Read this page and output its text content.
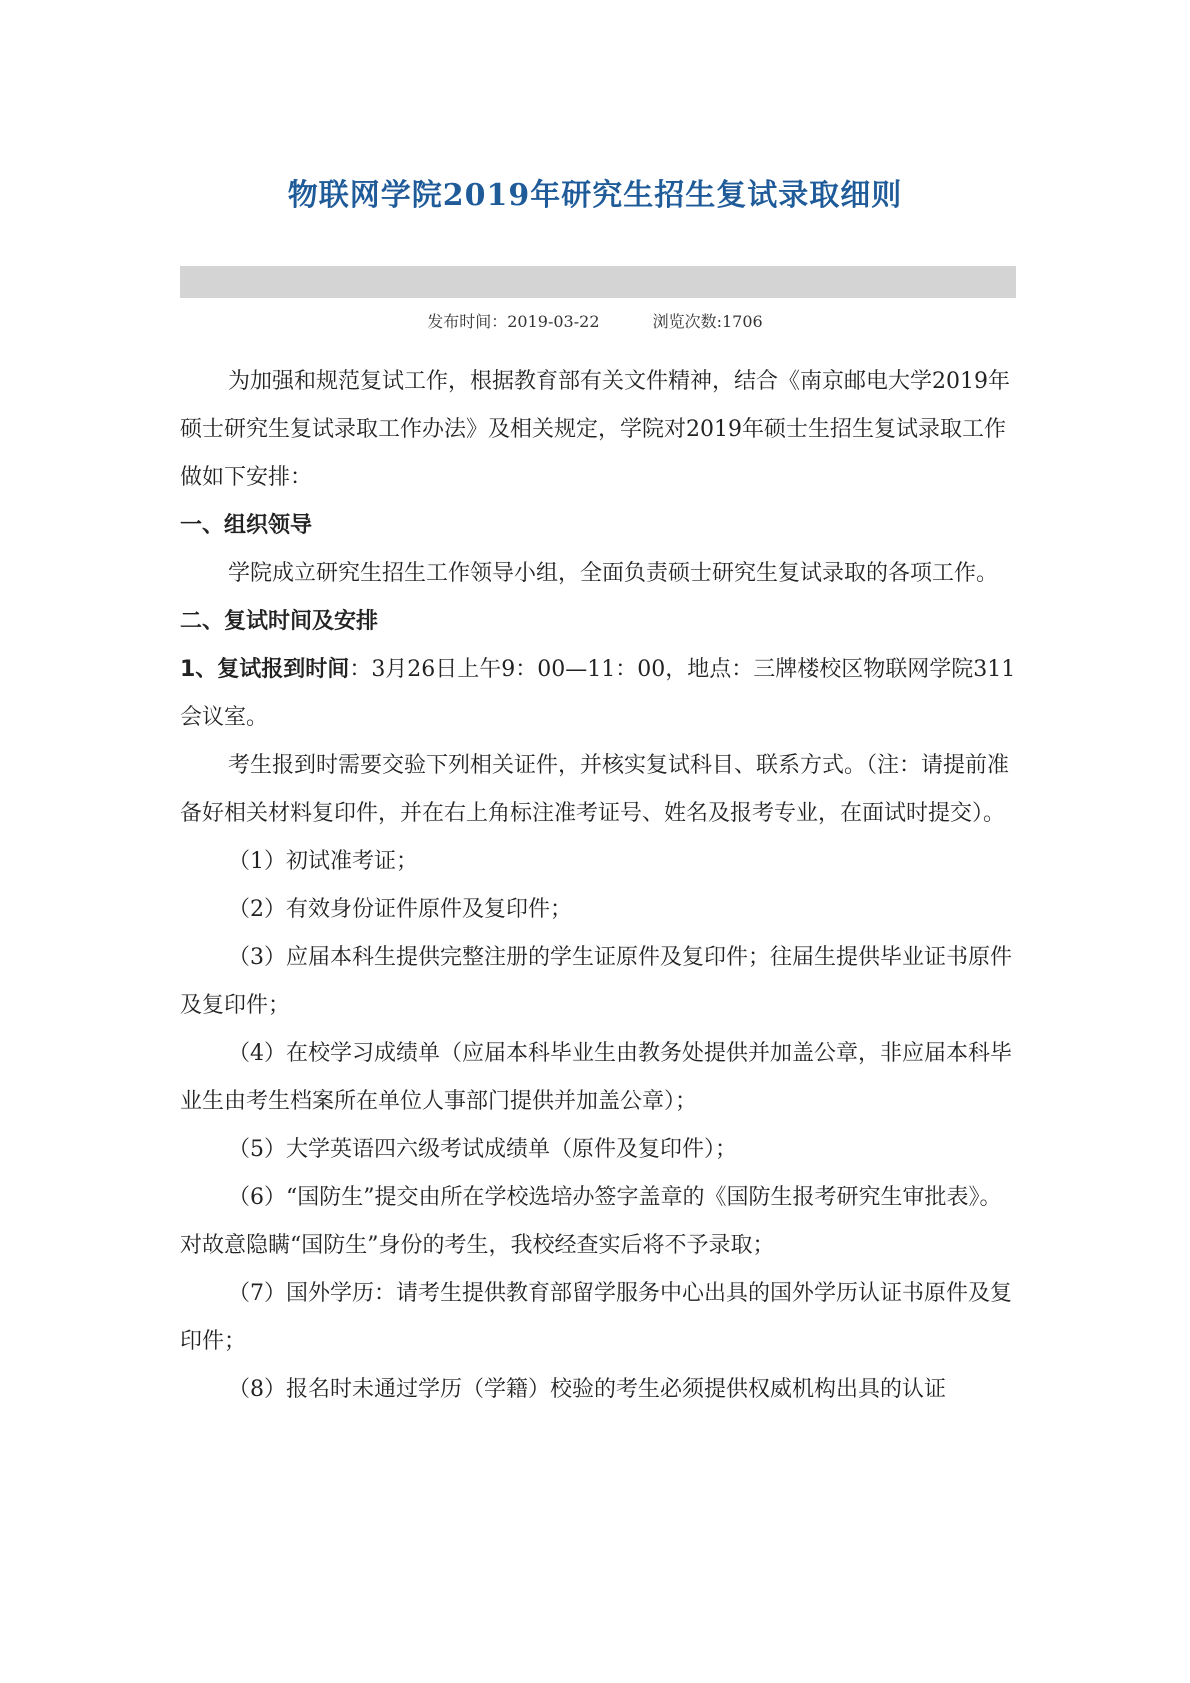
物联网学院2019年研究生招生复试录取细则
发布时间：2019-03-22	浏览次数:1706

为加强和规范复试工作，根据教育部有关文件精神，结合《南京邮电大学2019年硕士研究生复试录取工作办法》及相关规定，学院对2019年硕士生招生复试录取工作做如下安排：

一、组织领导

学院成立研究生招生工作领导小组，全面负责硕士研究生复试录取的各项工作。

二、复试时间及安排

1、复试报到时间：3月26日上午9：00—11：00，地点：三牌楼校区物联网学院311会议室。

考生报到时需要交验下列相关证件，并核实复试科目、联系方式。（注：请提前准备好相关材料复印件，并在右上角标注准考证号、姓名及报考专业，在面试时提交）。

（1）初试准考证；

（2）有效身份证件原件及复印件；

（3）应届本科生提供完整注册的学生证原件及复印件；往届生提供毕业证书原件及复印件；

（4）在校学习成绩单（应届本科毕业生由教务处提供并加盖公章，非应届本科毕业生由考生档案所在单位人事部门提供并加盖公章）；

（5）大学英语四六级考试成绩单（原件及复印件）；

（6）“国防生”提交由所在学校选培办签字盖章的《国防生报考研究生审批表》。对故意隐瞒“国防生”身份的考生，我校经查实后将不予录取；

（7）国外学历：请考生提供教育部留学服务中心出具的国外学历认证书原件及复印件；

（8）报名时未通过学历（学籍）校验的考生必须提供权威机构出具的认证
